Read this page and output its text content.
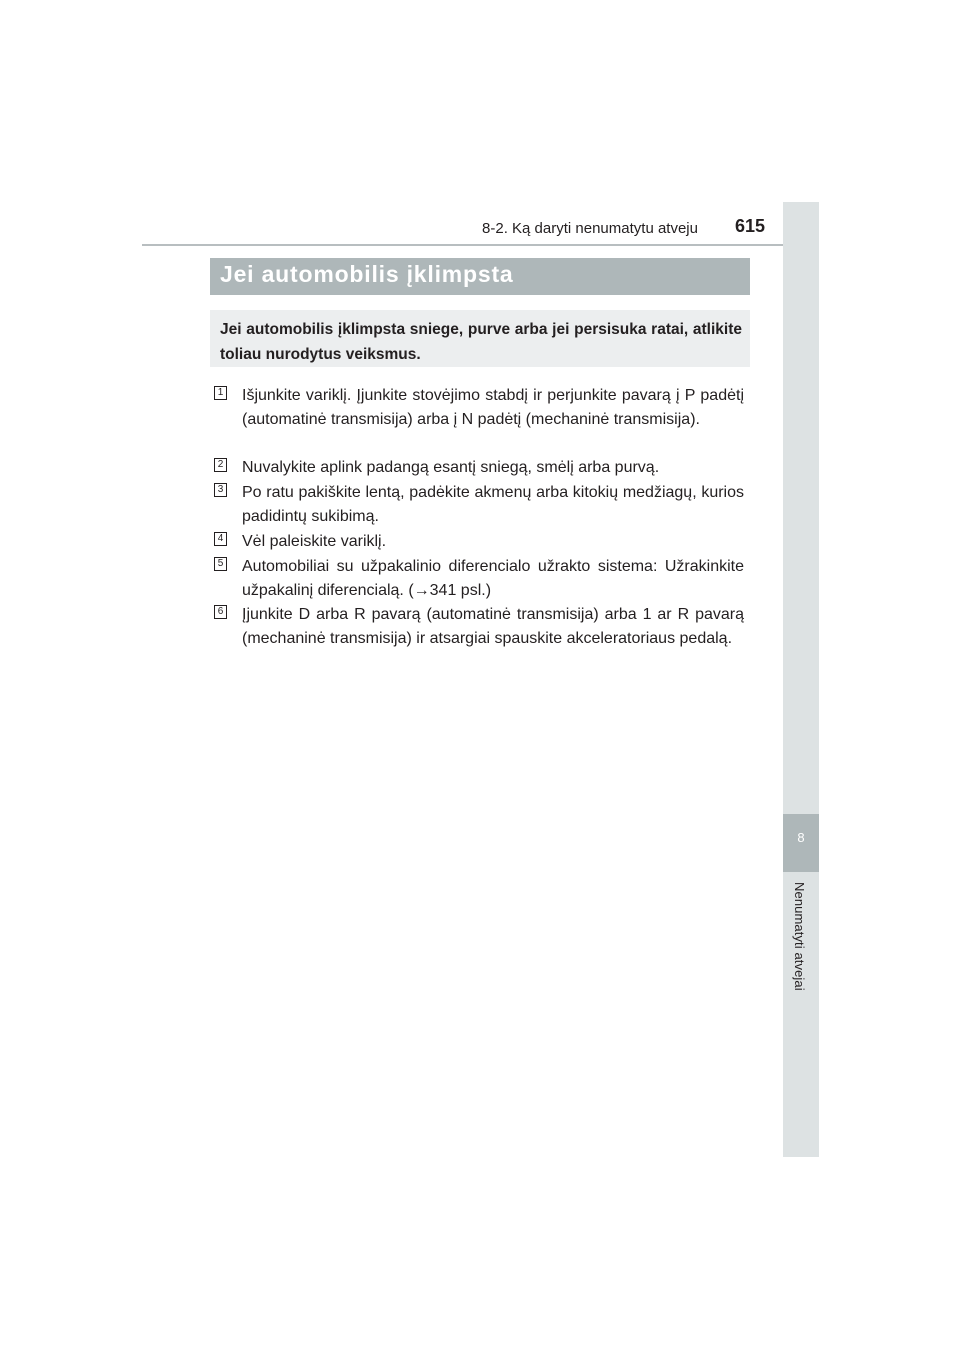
8-2. Ką daryti nenumatytu atveju 615
8
Nenumatyti atvejai
Jei automobilis įklimpsta
Jei automobilis įklimpsta sniege, purve arba jei persisuka ratai, atlikite toliau nurodytus veiksmus.
1 Išjunkite variklį. Įjunkite stovėjimo stabdį ir perjunkite pavarą į P padėtį (automatinė transmisija) arba į N padėtį (mechaninė transmisija).
2 Nuvalykite aplink padangą esantį sniegą, smėlį arba purvą.
3 Po ratu pakiškite lentą, padėkite akmenų arba kitokių medžiagų, kurios padidintų sukibimą.
4 Vėl paleiskite variklį.
5 Automobiliai su užpakalinio diferencialo užrakto sistema: Užrakinkite užpakalinį diferencialą. (→341 psl.)
6 Įjunkite D arba R pavarą (automatinė transmisija) arba 1 ar R pavarą (mechaninė transmisija) ir atsargiai spauskite akceleratoriaus pedalą.
